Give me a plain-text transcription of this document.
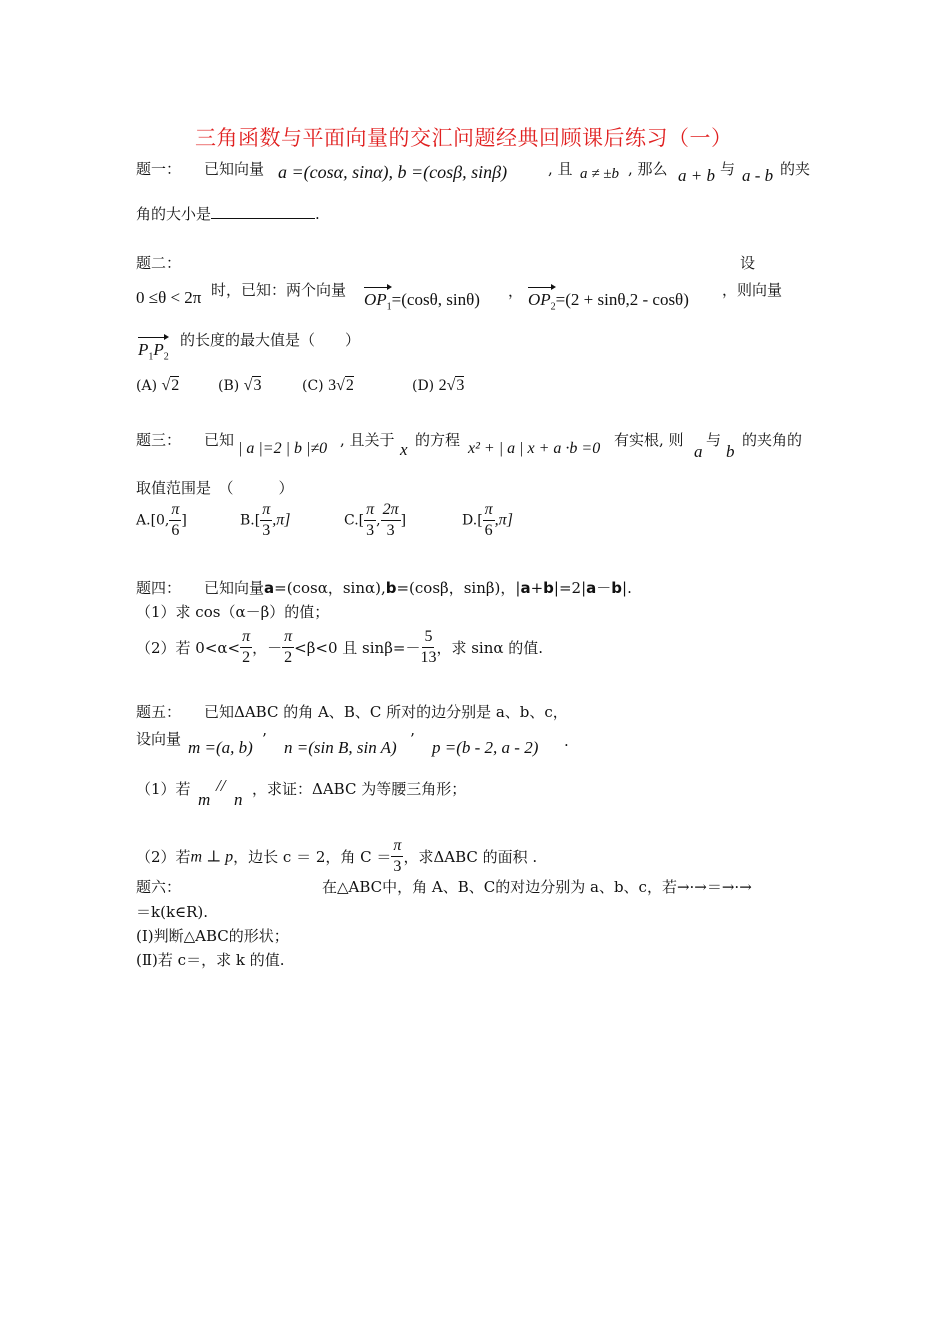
三角函数与平面向量的交汇问题经典回顾课后练习（一）
题一： 已知向量 a =(cosα, sinα), b =(cosβ, sinβ)	, 且 a ≠ ±b , 那么 a + b 与 a - b 的夹
角的大小是	.
题二：	设
0 ≤θ < 2π 时，已知：两个向量 $OP_1=(\cos\theta$, sinθ) ， $OP_2=(2 + \sin\theta,2 - \cos\theta)$ ，则向量
$P_1P_2$
的长度的最大值是（　　）
(A) √2	(B) √3	(C) 3√2	(D) 2√3
题三： 已知 | a |=2 | b |≠0 , 且关于 x 的方程 x² + | a | x + a ·b =0 有实根, 则
a
与
b
的夹角的
取值范围是　（　　　）
A.[0, $\frac{\pi}{6}$ ]	$B.[ \frac{\pi}{3} ,\pi]$	$C.[ \frac{\pi}{3}$ , $\frac{2\pi}{3}$ ]	$D.[ \frac{\pi}{6} ,\pi]$
题四： 已知向量a=(cosα，sinα),b=(cosβ，sinβ)，|a+b|=2|a－b|.
（1）求 cos（α－β）的值；
（2）若 $0<\alpha< \frac{\pi}{2}$ ，－ $\frac{\pi}{2} <\beta<0$ 且 $\sin\beta=- \frac{5}{13}$ ，求 sinα 的值.
题五： 已知ΔABC 的角 A、B、C 所对的边分别是 a、b、c，
设向量 m =(a, b) ’ n =(sin B, sin A) ’ p =(b - 2, a - 2) .
（1）若
m
//
n
，求证：ΔABC 为等腰三角形；
（2）若m ⊥ p，边长 c ＝ 2，角 $C = \frac{\pi}{3}$ ，求ΔABC 的面积 .
题六：	在△ABC中，角 A、B、C的对边分别为 a、b、c，若→·→＝→·→
＝k(k∈R).
(Ⅰ)判断△ABC的形状；
(Ⅱ)若 c＝，求 k 的值.
